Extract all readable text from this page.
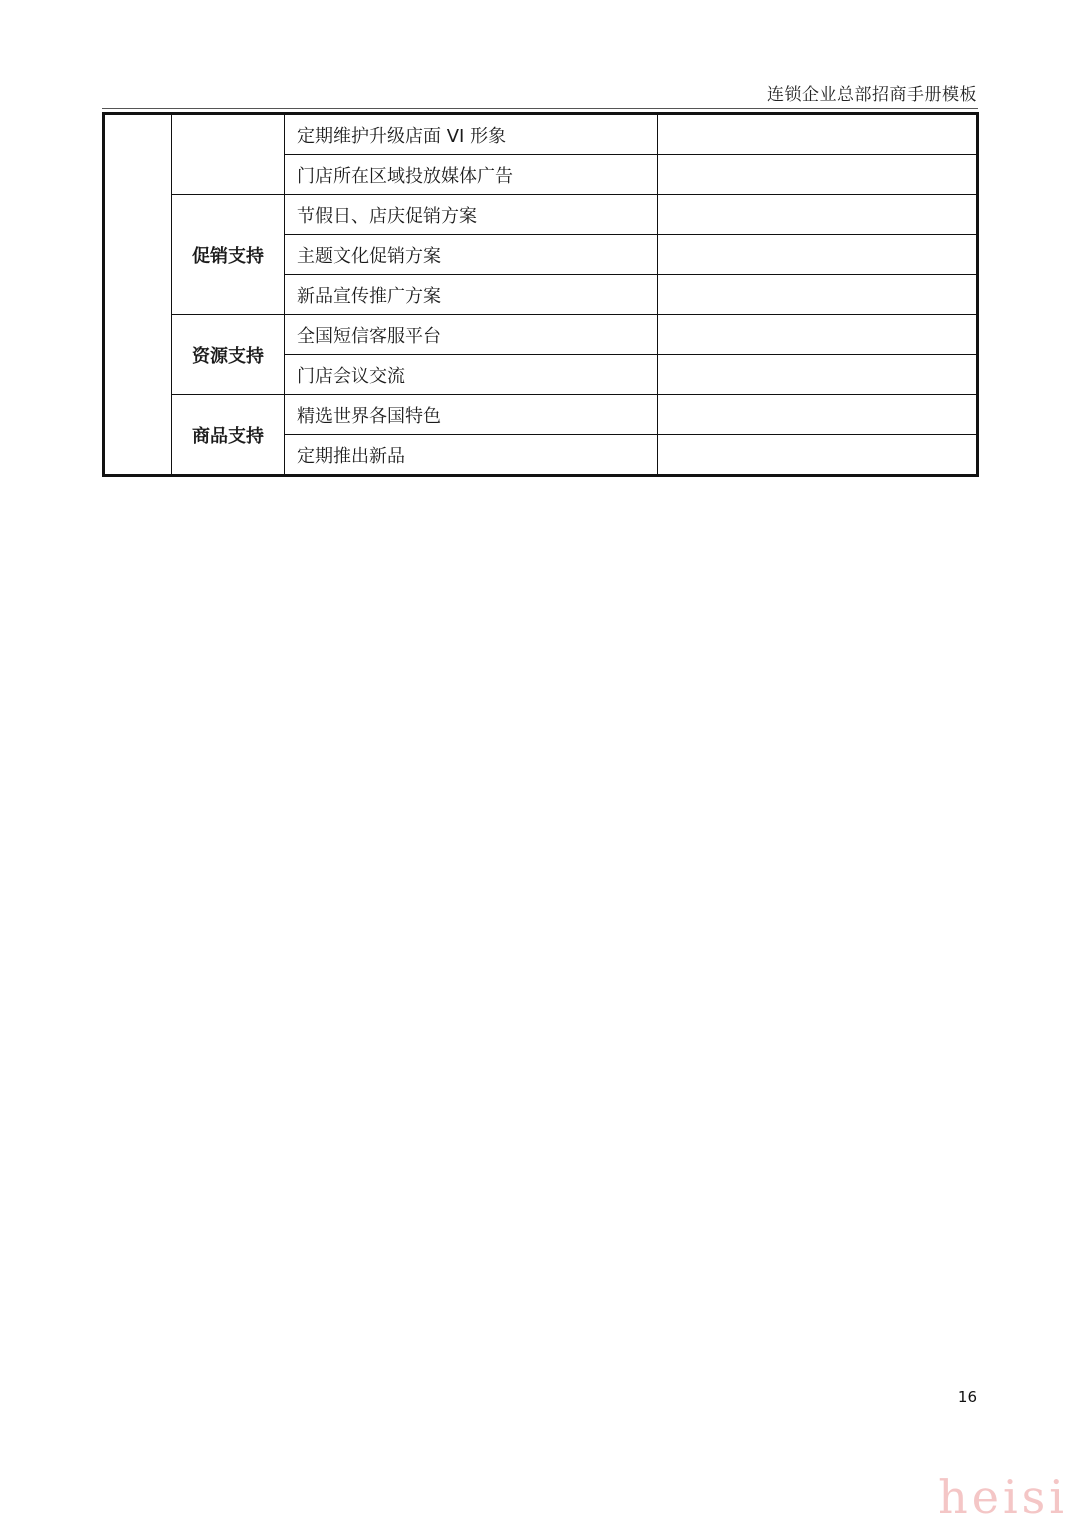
连锁企业总部招商手册模板
		定期维护升级店面 VI 形象	
		门店所在区域投放媒体广告	
	促销支持	节假日、店庆促销方案	
		主题文化促销方案	
		新品宣传推广方案	
	资源支持	全国短信客服平台	
		门店会议交流	
	商品支持	精选世界各国特色	
		定期推出新品	
16
heisi
